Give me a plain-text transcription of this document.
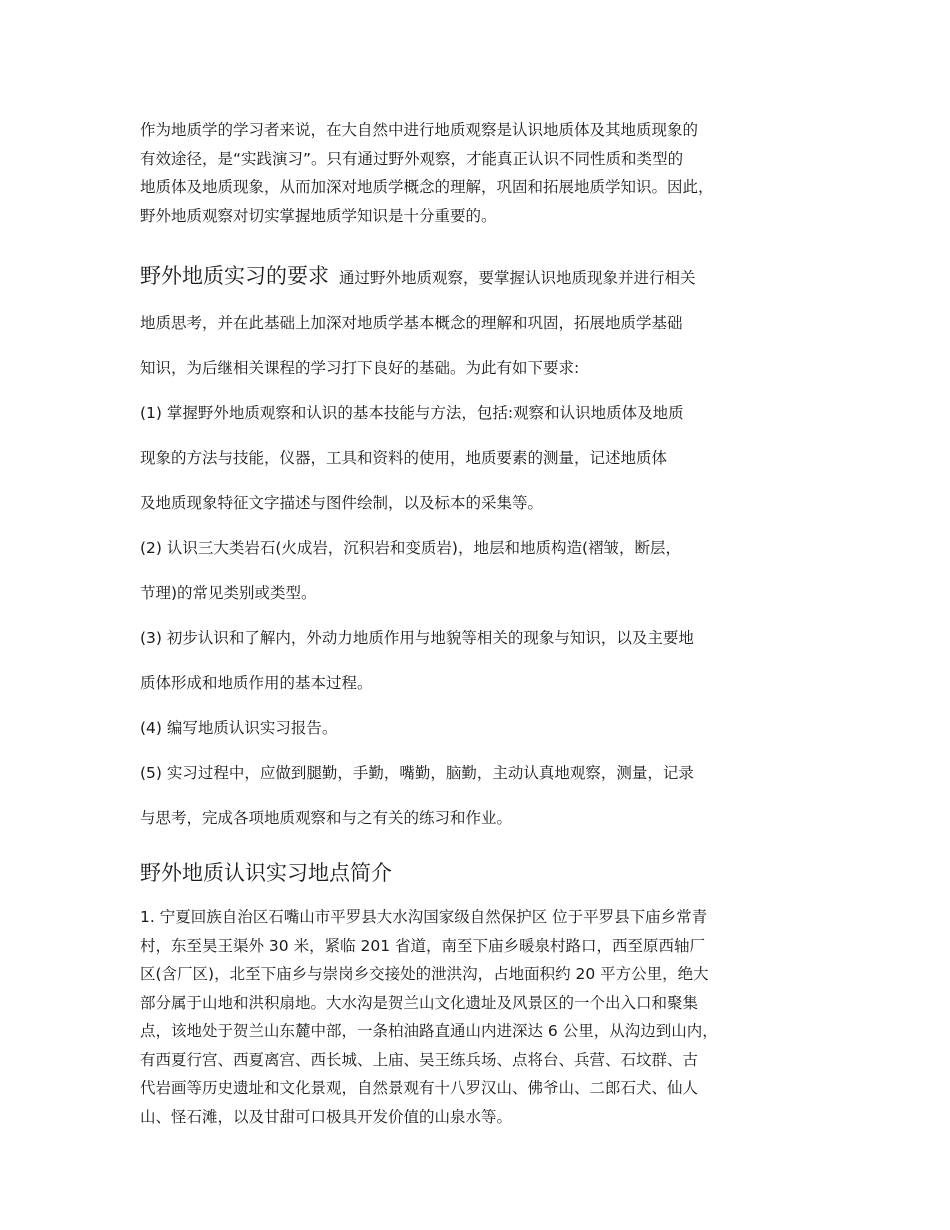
作为地质学的学习者来说，在大自然中进行地质观察是认识地质体及其地质现象的
有效途径，是“实践演习”。只有通过野外观察，才能真正认识不同性质和类型的
地质体及地质现象，从而加深对地质学概念的理解，巩固和拓展地质学知识。因此，
野外地质观察对切实掌握地质学知识是十分重要的。

野外地质实习的要求 通过野外地质观察，要掌握认识地质现象并进行相关

地质思考，并在此基础上加深对地质学基本概念的理解和巩固，拓展地质学基础

知识，为后继相关课程的学习打下良好的基础。为此有如下要求:

(1) 掌握野外地质观察和认识的基本技能与方法，包括:观察和认识地质体及地质

现象的方法与技能，仪器，工具和资料的使用，地质要素的测量，记述地质体

及地质现象特征文字描述与图件绘制，以及标本的采集等。

(2) 认识三大类岩石(火成岩，沉积岩和变质岩)，地层和地质构造(褶皱，断层，

节理)的常见类别或类型。

(3) 初步认识和了解内，外动力地质作用与地貌等相关的现象与知识，以及主要地

质体形成和地质作用的基本过程。

(4) 编写地质认识实习报告。

(5) 实习过程中，应做到腿勤，手勤，嘴勤，脑勤，主动认真地观察，测量，记录

与思考，完成各项地质观察和与之有关的练习和作业。

野外地质认识实习地点简介
1. 宁夏回族自治区石嘴山市平罗县大水沟国家级自然保护区 位于平罗县下庙乡常青
村，东至昊王渠外 30 米，紧临 201 省道，南至下庙乡暖泉村路口，西至原西轴厂
区(含厂区)，北至下庙乡与崇岗乡交接处的泄洪沟，占地面积约 20 平方公里，绝大
部分属于山地和洪积扇地。大水沟是贺兰山文化遗址及风景区的一个出入口和聚集
点，该地处于贺兰山东麓中部，一条柏油路直通山内进深达 6 公里，从沟边到山内，
有西夏行宫、西夏离宫、西长城、上庙、吴王练兵场、点将台、兵营、石坟群、古
代岩画等历史遗址和文化景观，自然景观有十八罗汉山、佛爷山、二郎石犬、仙人
山、怪石滩，以及甘甜可口极具开发价值的山泉水等。
